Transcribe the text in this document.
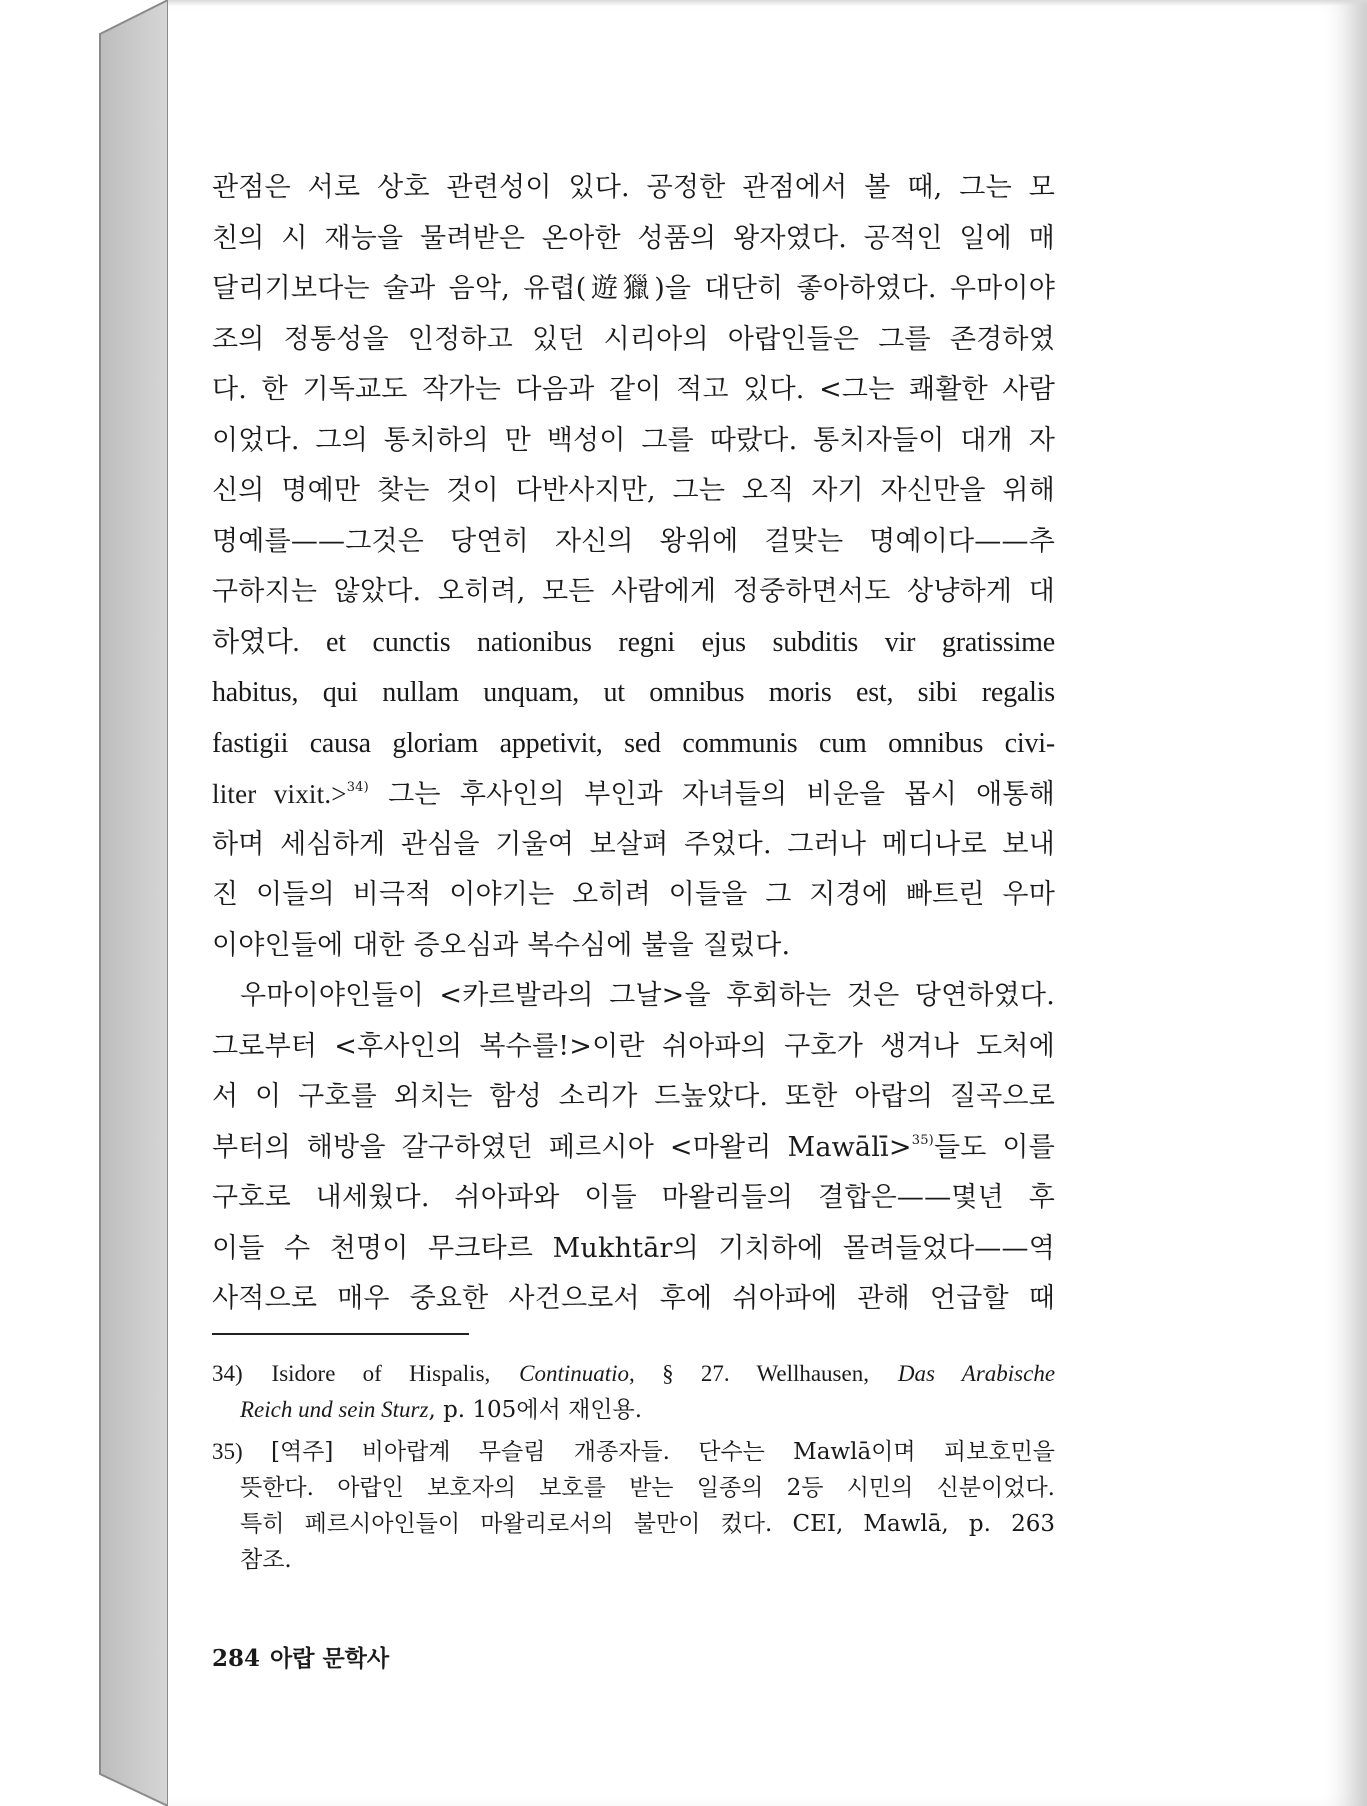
관점은 서로 상호 관련성이 있다. 공정한 관점에서 볼 때, 그는 모
친의 시 재능을 물려받은 온아한 성품의 왕자였다. 공적인 일에 매
달리기보다는 술과 음악, 유렵(遊獵)을 대단히 좋아하였다. 우마이야
조의 정통성을 인정하고 있던 시리아의 아랍인들은 그를 존경하였
다. 한 기독교도 작가는 다음과 같이 적고 있다. <그는 쾌활한 사람
이었다. 그의 통치하의 만 백성이 그를 따랐다. 통치자들이 대개 자
신의 명예만 찾는 것이 다반사지만, 그는 오직 자기 자신만을 위해
명예를——그것은 당연히 자신의 왕위에 걸맞는 명예이다——추
구하지는 않았다. 오히려, 모든 사람에게 정중하면서도 상냥하게 대
하였다. et cunctis nationibus regni ejus subditis vir gratissime
habitus, qui nullam unquam, ut omnibus moris est, sibi regalis
fastigii causa gloriam appetivit, sed communis cum omnibus civi-
liter vixit.>$^{34)}$ 그는 후사인의 부인과 자녀들의 비운을 몹시 애통해
하며 세심하게 관심을 기울여 보살펴 주었다. 그러나 메디나로 보내
진 이들의 비극적 이야기는 오히려 이들을 그 지경에 빠트린 우마
이야인들에 대한 증오심과 복수심에 불을 질렀다.
우마이야인들이 <카르발라의 그날>을 후회하는 것은 당연하였다.
그로부터 <후사인의 복수를!>이란 쉬아파의 구호가 생겨나 도처에
서 이 구호를 외치는 함성 소리가 드높았다. 또한 아랍의 질곡으로
부터의 해방을 갈구하였던 페르시아 <마왈리 Mawālī>$^{35)}$들도 이를
구호로 내세웠다. 쉬아파와 이들 마왈리들의 결합은——몇년 후
이들 수 천명이 무크타르 Mukhtār의 기치하에 몰려들었다——역
사적으로 매우 중요한 사건으로서 후에 쉬아파에 관해 언급할 때
34) Isidore of Hispalis, Continuatio, § 27. Wellhausen, Das Arabische
Reich und sein Sturz, p. 105에서 재인용.
35) [역주] 비아랍계 무슬림 개종자들. 단수는 Mawlā이며 피보호민을
뜻한다. 아랍인 보호자의 보호를 받는 일종의 2등 시민의 신분이었다.
특히 페르시아인들이 마왈리로서의 불만이 컸다. CEI, Mawlā, p. 263
참조.
284 아랍 문학사
